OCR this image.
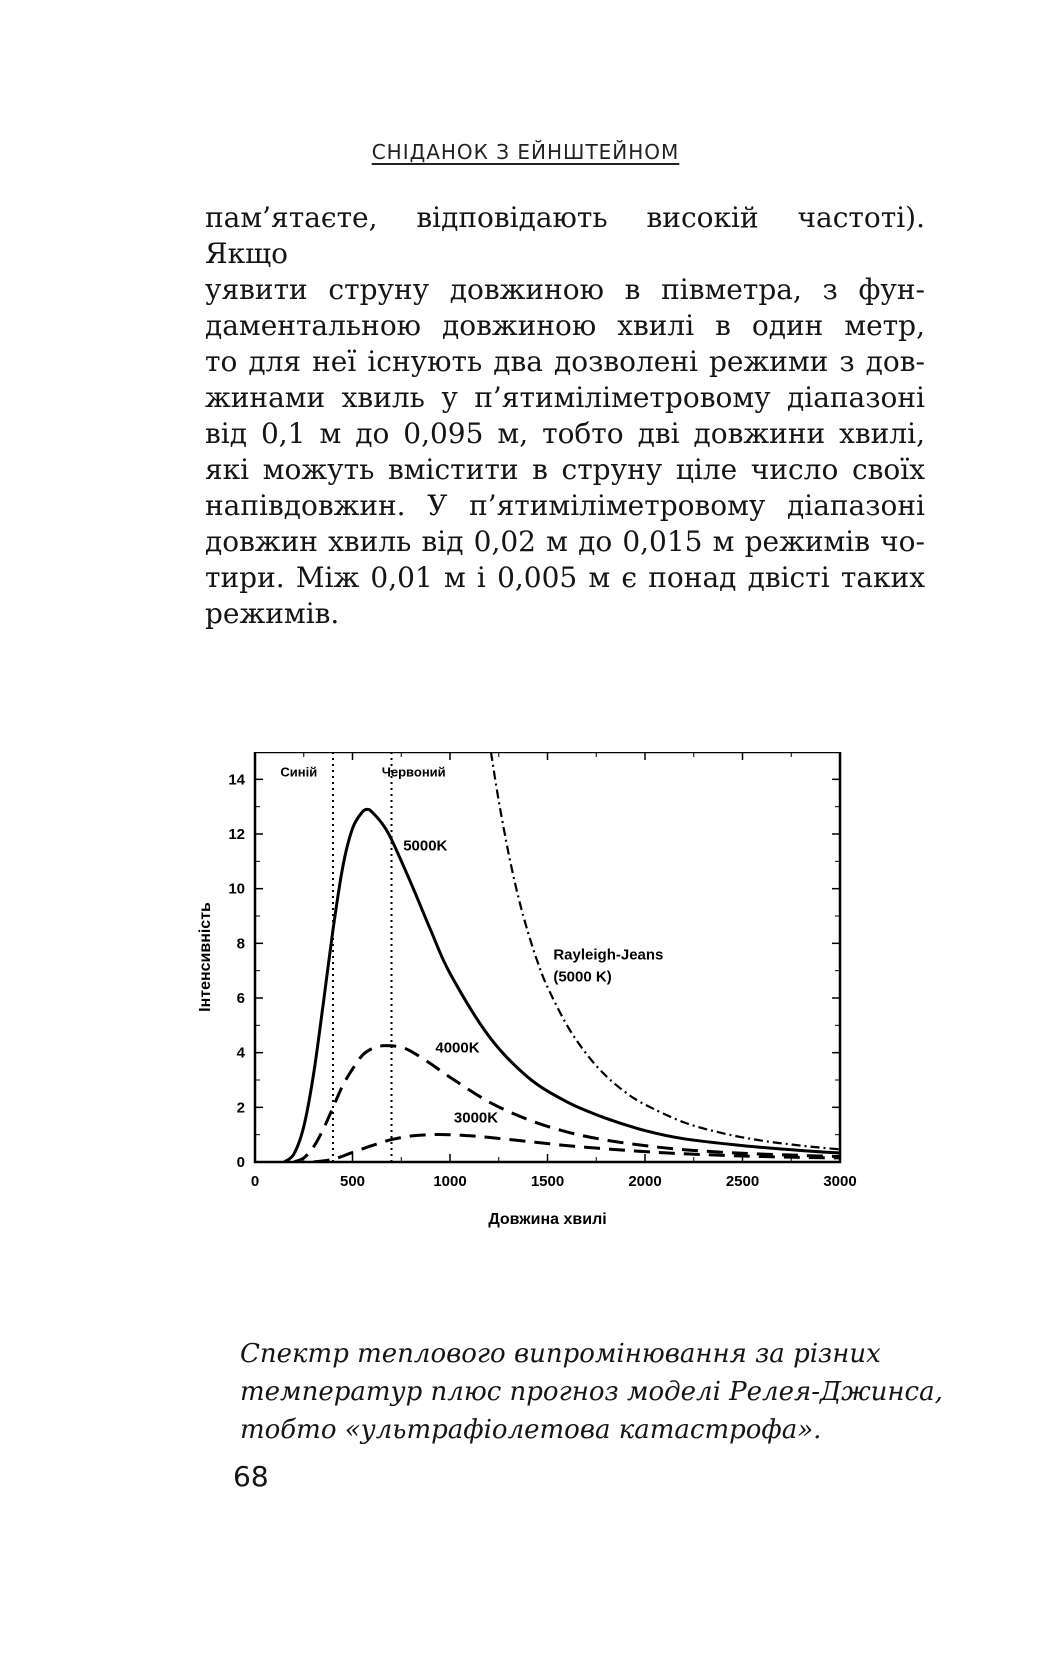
СНІДАНОК З ЕЙНШТЕЙНОМ
пам’ятаєте, відповідають високій частоті). Якщо
уявити струну довжиною в півметра, з фун-
даментальною довжиною хвилі в один метр,
то для неї існують два дозволені режими з дов-
жинами хвиль у п’ятиміліметровому діапазоні
від 0,1 м до 0,095 м, тобто дві довжини хвилі,
які можуть вмістити в струну ціле число своїх
напівдовжин. У п’ятиміліметровому діапазоні
довжин хвиль від 0,02 м до 0,015 м режимів чо-
тири. Між 0,01 м і 0,005 м є понад двісті таких
режимів.
0	500	1000	1500	2000	2500	3000
0
2
4
6
8
10
12
14
5000K
4000K
3000K
Rayleigh-Jeans
(5000 K)
Синій	Червоний
Довжина хвилі
Інтенсивність
Спектр теплового випромінювання за різних
температур плюс прогноз моделі Релея-Джинса,
тобто «ультрафіолетова катастрофа».
68
